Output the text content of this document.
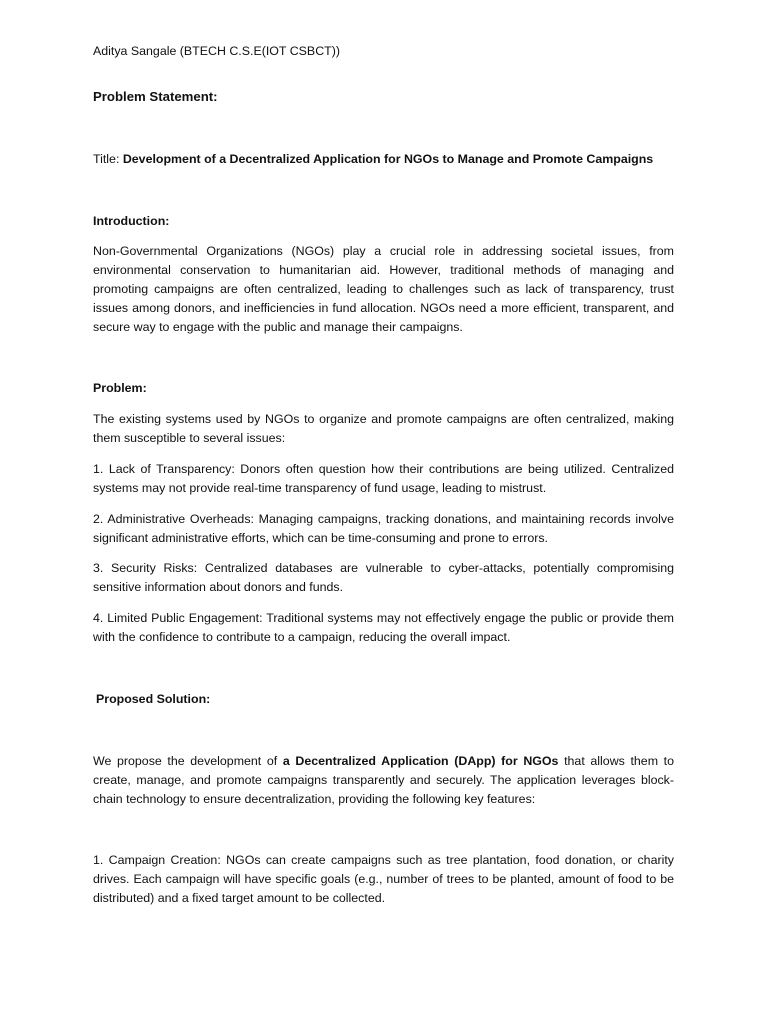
Aditya Sangale (BTECH C.S.E(IOT CSBCT))

Problem Statement:

Title: Development of a Decentralized Application for NGOs to Manage and Promote Campaigns

Introduction:

Non-Governmental Organizations (NGOs) play a crucial role in addressing societal issues, from environmental conservation to humanitarian aid. However, traditional methods of managing and promoting campaigns are often centralized, leading to challenges such as lack of transparency, trust issues among donors, and inefficiencies in fund allocation. NGOs need a more efficient, transparent, and secure way to engage with the public and manage their campaigns.

Problem:

The existing systems used by NGOs to organize and promote campaigns are often centralized, making them susceptible to several issues:

1. Lack of Transparency: Donors often question how their contributions are being utilized. Centralized systems may not provide real-time transparency of fund usage, leading to mistrust.

2. Administrative Overheads: Managing campaigns, tracking donations, and maintaining records involve significant administrative efforts, which can be time-consuming and prone to errors.

3. Security Risks: Centralized databases are vulnerable to cyber-attacks, potentially compromising sensitive information about donors and funds.

4. Limited Public Engagement: Traditional systems may not effectively engage the public or provide them with the confidence to contribute to a campaign, reducing the overall impact.

Proposed Solution:

We propose the development of a Decentralized Application (DApp) for NGOs that allows them to create, manage, and promote campaigns transparently and securely. The application leverages block-chain technology to ensure decentralization, providing the following key features:

1. Campaign Creation: NGOs can create campaigns such as tree plantation, food donation, or charity drives. Each campaign will have specific goals (e.g., number of trees to be planted, amount of food to be distributed) and a fixed target amount to be collected.
